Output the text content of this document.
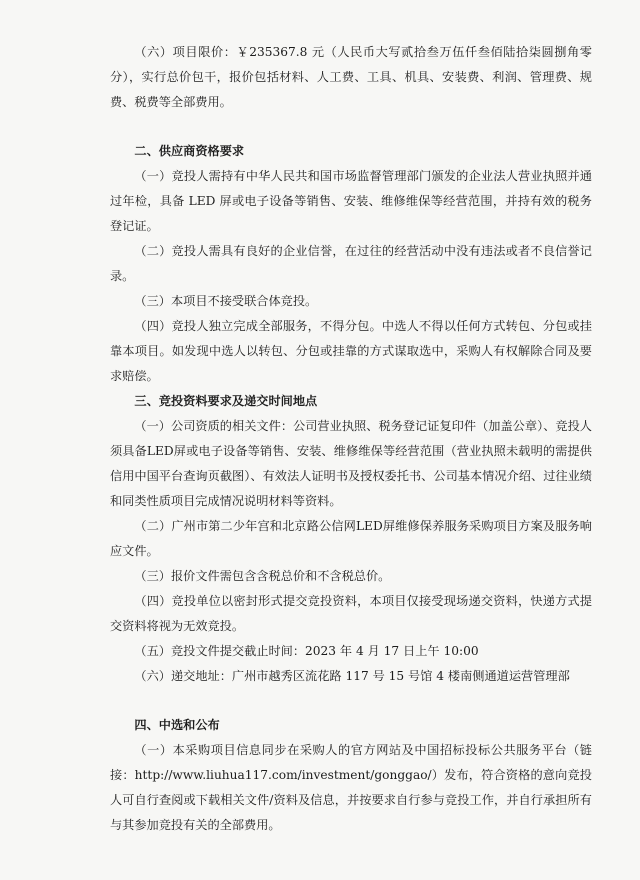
（六）项目限价：￥235367.8 元（人民币大写贰拾叁万伍仟叁佰陆拾柒圆捌角零分），实行总价包干，报价包括材料、人工费、工具、机具、安装费、利润、管理费、规费、税费等全部费用。

二、供应商资格要求

（一）竞投人需持有中华人民共和国市场监督管理部门颁发的企业法人营业执照并通过年检，具备 LED 屏或电子设备等销售、安装、维修维保等经营范围，并持有效的税务登记证。

（二）竞投人需具有良好的企业信誉，在过往的经营活动中没有违法或者不良信誉记录。

（三）本项目不接受联合体竞投。

（四）竞投人独立完成全部服务，不得分包。中选人不得以任何方式转包、分包或挂靠本项目。如发现中选人以转包、分包或挂靠的方式谋取选中，采购人有权解除合同及要求赔偿。

三、竞投资料要求及递交时间地点

（一）公司资质的相关文件：公司营业执照、税务登记证复印件（加盖公章）、竞投人须具备LED屏或电子设备等销售、安装、维修维保等经营范围（营业执照未载明的需提供信用中国平台查询页截图）、有效法人证明书及授权委托书、公司基本情况介绍、过往业绩和同类性质项目完成情况说明材料等资料。

（二）广州市第二少年宫和北京路公信网LED屏维修保养服务采购项目方案及服务响应文件。

（三）报价文件需包含含税总价和不含税总价。

（四）竞投单位以密封形式提交竞投资料，本项目仅接受现场递交资料，快递方式提交资料将视为无效竞投。

（五）竞投文件提交截止时间：2023 年 4 月 17 日上午 10:00

（六）递交地址：广州市越秀区流花路 117 号 15 号馆 4 楼南侧通道运营管理部

四、中选和公布

（一）本采购项目信息同步在采购人的官方网站及中国招标投标公共服务平台（链接：http://www.liuhua117.com/investment/gonggao/）发布，符合资格的意向竞投人可自行查阅或下载相关文件/资料及信息，并按要求自行参与竞投工作，并自行承担所有与其参加竞投有关的全部费用。
